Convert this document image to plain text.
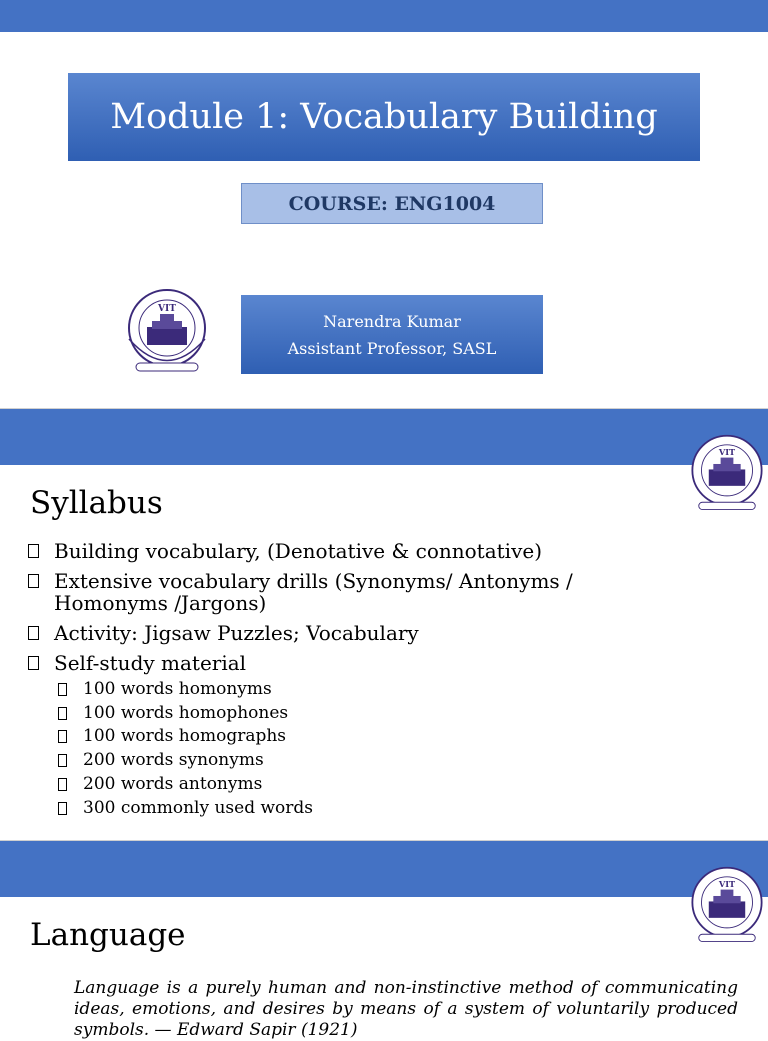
Module 1: Vocabulary Building
COURSE: ENG1004
VIT
Narendra Kumar
Assistant Professor, SASL
VIT
Syllabus
Building vocabulary, (Denotative & connotative)
Extensive vocabulary drills (Synonyms/ Antonyms / Homonyms /Jargons)
Activity: Jigsaw Puzzles; Vocabulary
Self-study material
100 words homonyms
100 words homophones
100 words homographs
200 words synonyms
200 words antonyms
300 commonly used words
VIT
Language

Language is a purely human and non-instinctive method of communicating ideas, emotions, and desires by means of a system of voluntarily produced symbols. — Edward Sapir (1921)
